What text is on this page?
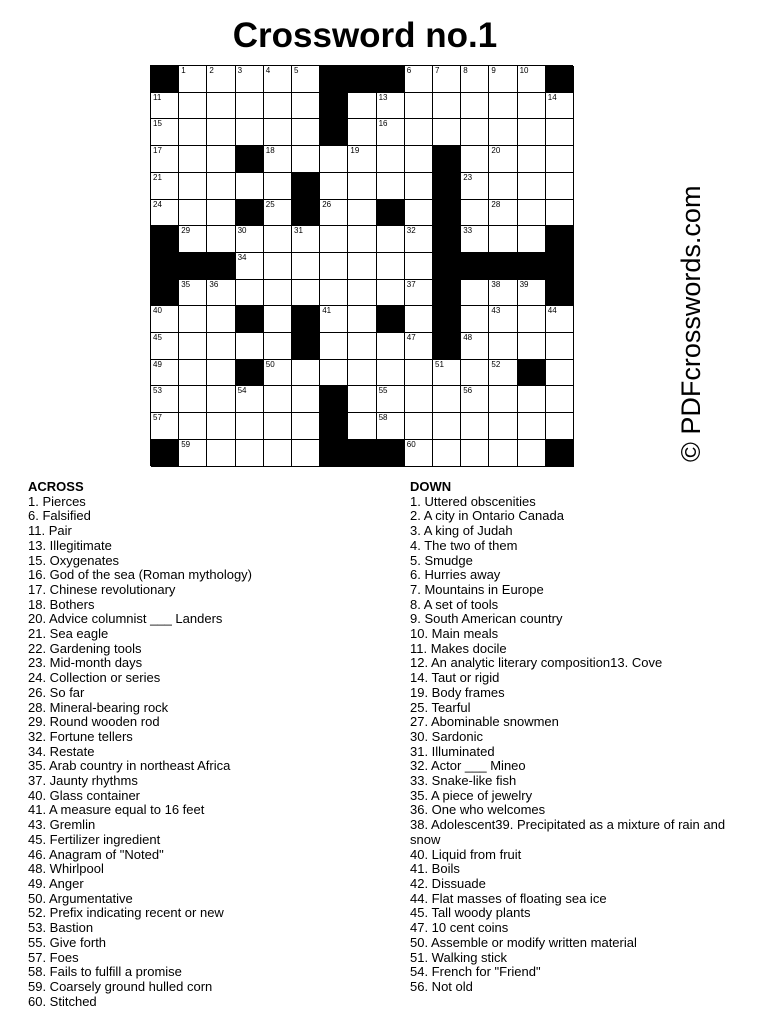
Crossword no.1
1	2	3	4	5	6	7	8	9	10
11	12	13	14
15	16
17	18	19	20
21	22	23
24	25	26	27	28
29	30	31	32	33
34
35 36	37	38 39
40	41	42	43	44
45	46	47	48
49	50	51	52
53	54	55	56
57	58
59	60	© PDFcrosswords.com
ACROSS
1. Pierces
6. Falsified
11. Pair
13. Illegitimate
15. Oxygenates
16. God of the sea (Roman mythology)
17. Chinese revolutionary
18. Bothers
20. Advice columnist ___ Landers
21. Sea eagle
22. Gardening tools
23. Mid-month days
24. Collection or series
26. So far
28. Mineral-bearing rock
29. Round wooden rod
32. Fortune tellers
34. Restate
35. Arab country in northeast Africa
37. Jaunty rhythms
40. Glass container
41. A measure equal to 16 feet
43. Gremlin
45. Fertilizer ingredient
46. Anagram of "Noted"
48. Whirlpool
49. Anger
50. Argumentative
52. Prefix indicating recent or new
53. Bastion
55. Give forth
57. Foes
58. Fails to fulfill a promise
59. Coarsely ground hulled corn
60. Stitched
DOWN
1. Uttered obscenities
2. A city in Ontario Canada
3. A king of Judah
4. The two of them
5. Smudge
6. Hurries away
7. Mountains in Europe
8. A set of tools
9. South American country
10. Main meals
11. Makes docile
12. An analytic literary composition13. Cove
14. Taut or rigid
19. Body frames
25. Tearful
27. Abominable snowmen
30. Sardonic
31. Illuminated
32. Actor ___ Mineo
33. Snake-like fish
35. A piece of jewelry
36. One who welcomes
38. Adolescent39. Precipitated as a mixture of rain and
snow
40. Liquid from fruit
41. Boils
42. Dissuade
44. Flat masses of floating sea ice
45. Tall woody plants
47. 10 cent coins
50. Assemble or modify written material
51. Walking stick
54. French for "Friend"
56. Not old
